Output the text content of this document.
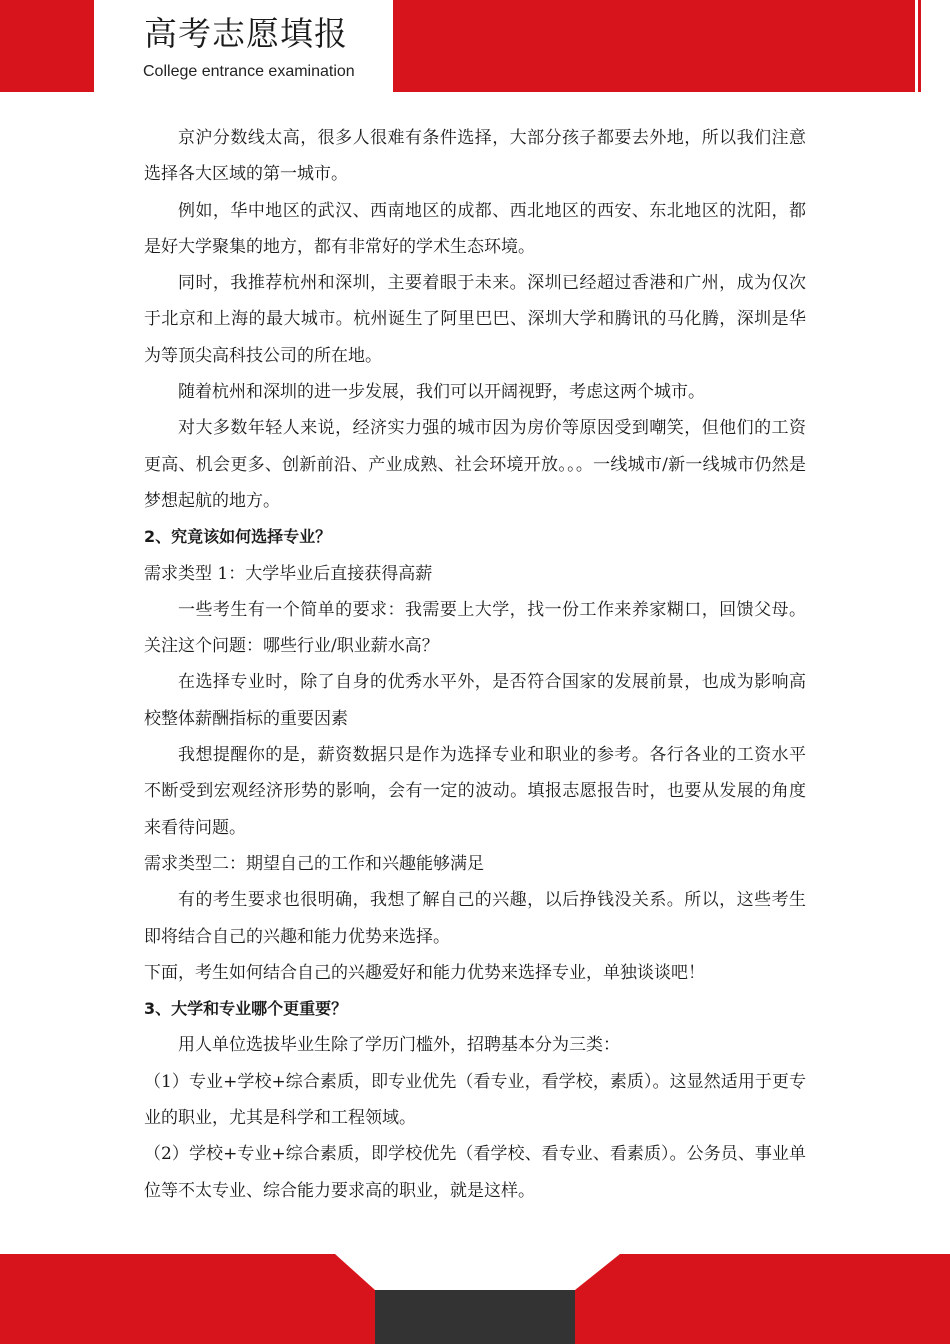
高考志愿填报
College entrance examination

京沪分数线太高，很多人很难有条件选择，大部分孩子都要去外地，所以我们注意选择各大区域的第一城市。

例如，华中地区的武汉、西南地区的成都、西北地区的西安、东北地区的沈阳，都是好大学聚集的地方，都有非常好的学术生态环境。

同时，我推荐杭州和深圳，主要着眼于未来。深圳已经超过香港和广州，成为仅次于北京和上海的最大城市。杭州诞生了阿里巴巴、深圳大学和腾讯的马化腾，深圳是华为等顶尖高科技公司的所在地。

随着杭州和深圳的进一步发展，我们可以开阔视野，考虑这两个城市。

对大多数年轻人来说，经济实力强的城市因为房价等原因受到嘲笑，但他们的工资更高、机会更多、创新前沿、产业成熟、社会环境开放。。。一线城市/新一线城市仍然是梦想起航的地方。

2、究竟该如何选择专业？

需求类型 1：大学毕业后直接获得高薪

一些考生有一个简单的要求：我需要上大学，找一份工作来养家糊口，回馈父母。关注这个问题：哪些行业/职业薪水高？

在选择专业时，除了自身的优秀水平外，是否符合国家的发展前景，也成为影响高校整体薪酬指标的重要因素

我想提醒你的是，薪资数据只是作为选择专业和职业的参考。各行各业的工资水平不断受到宏观经济形势的影响，会有一定的波动。填报志愿报告时，也要从发展的角度来看待问题。

需求类型二：期望自己的工作和兴趣能够满足

有的考生要求也很明确，我想了解自己的兴趣，以后挣钱没关系。所以，这些考生即将结合自己的兴趣和能力优势来选择。

下面，考生如何结合自己的兴趣爱好和能力优势来选择专业，单独谈谈吧！

3、大学和专业哪个更重要？

用人单位选拔毕业生除了学历门槛外，招聘基本分为三类：

（1）专业+学校+综合素质，即专业优先（看专业，看学校，素质）。这显然适用于更专业的职业，尤其是科学和工程领域。

（2）学校+专业+综合素质，即学校优先（看学校、看专业、看素质）。公务员、事业单位等不太专业、综合能力要求高的职业，就是这样。
